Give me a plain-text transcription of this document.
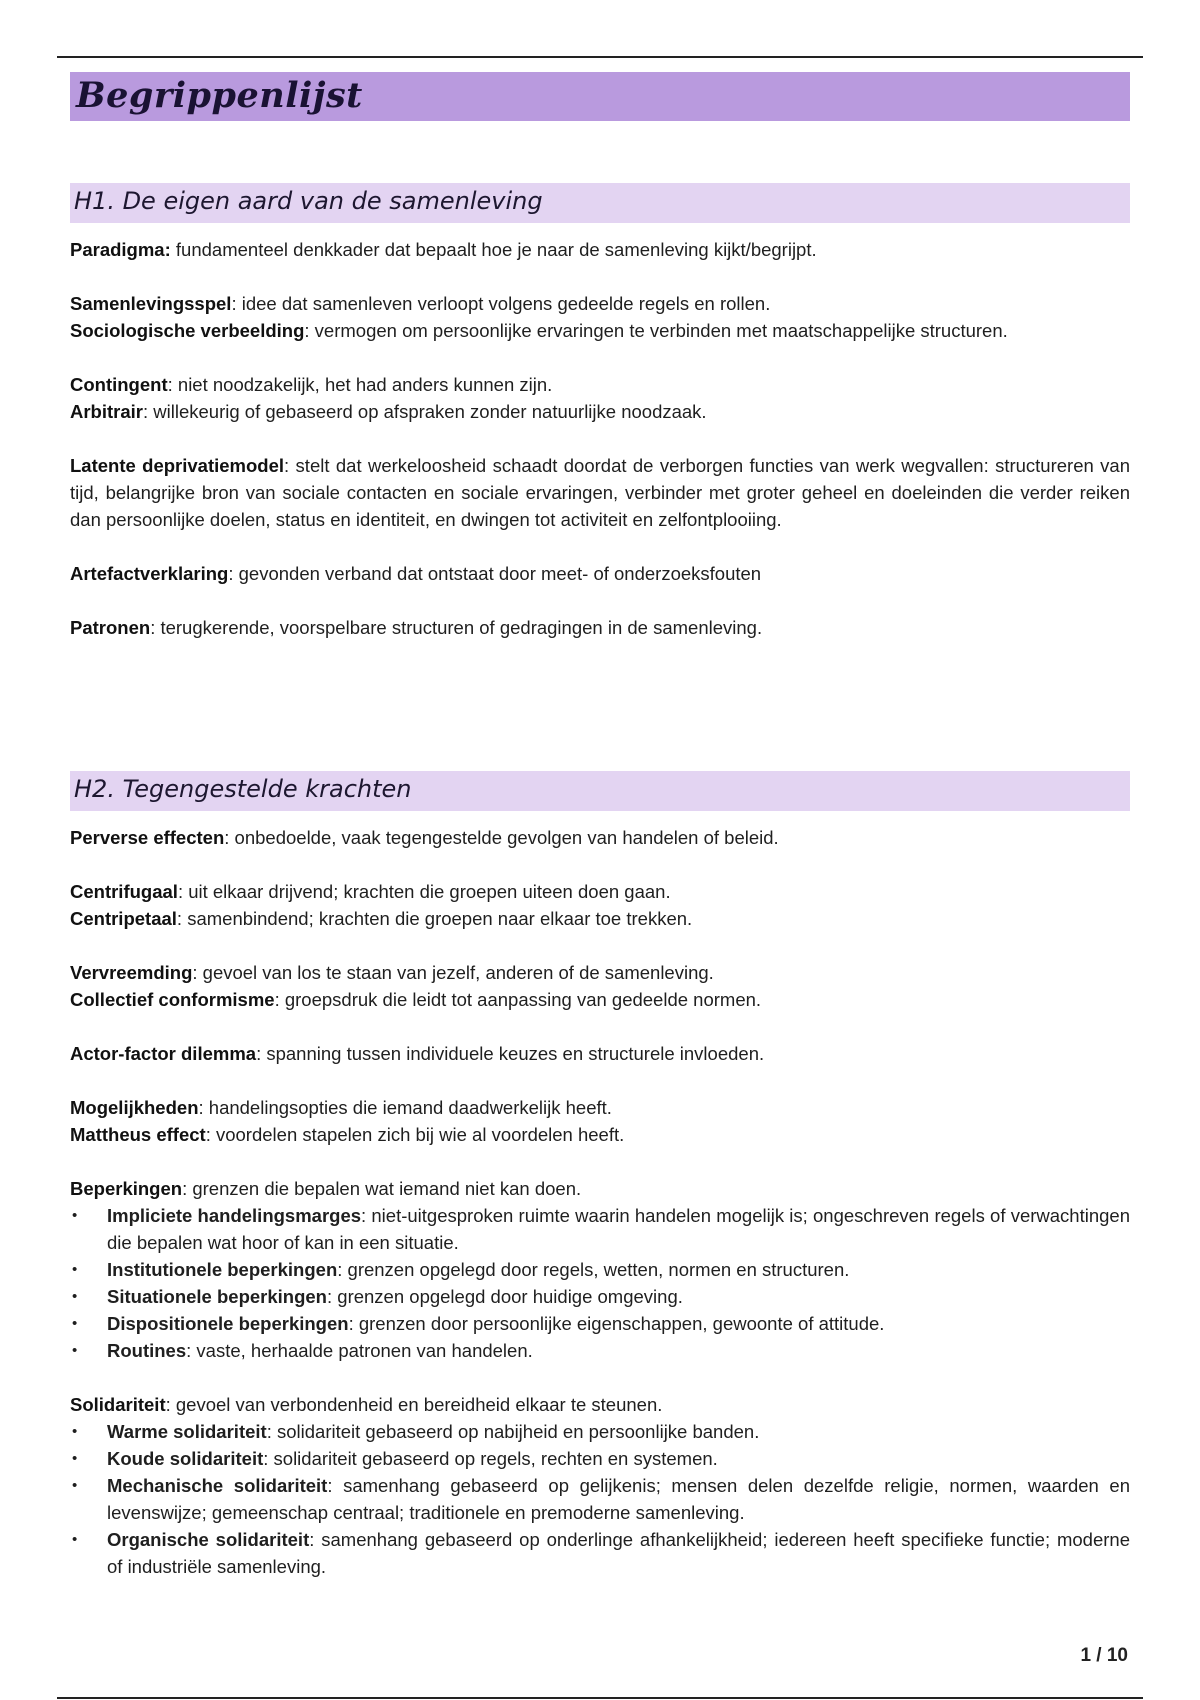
Begrippenlijst
H1. De eigen aard van de samenleving
Paradigma: fundamenteel denkkader dat bepaalt hoe je naar de samenleving kijkt/begrijpt.
Samenlevingsspel: idee dat samenleven verloopt volgens gedeelde regels en rollen.
Sociologische verbeelding: vermogen om persoonlijke ervaringen te verbinden met maatschappelijke structuren.
Contingent: niet noodzakelijk, het had anders kunnen zijn.
Arbitrair: willekeurig of gebaseerd op afspraken zonder natuurlijke noodzaak.
Latente deprivatiemodel: stelt dat werkeloosheid schaadt doordat de verborgen functies van werk wegvallen: structureren van tijd, belangrijke bron van sociale contacten en sociale ervaringen, verbinder met groter geheel en doeleinden die verder reiken dan persoonlijke doelen, status en identiteit, en dwingen tot activiteit en zelfontplooiing.
Artefactverklaring: gevonden verband dat ontstaat door meet- of onderzoeksfouten
Patronen: terugkerende, voorspelbare structuren of gedragingen in de samenleving.
H2. Tegengestelde krachten
Perverse effecten: onbedoelde, vaak tegengestelde gevolgen van handelen of beleid.
Centrifugaal: uit elkaar drijvend; krachten die groepen uiteen doen gaan.
Centripetaal: samenbindend; krachten die groepen naar elkaar toe trekken.
Vervreemding: gevoel van los te staan van jezelf, anderen of de samenleving.
Collectief conformisme: groepsdruk die leidt tot aanpassing van gedeelde normen.
Actor-factor dilemma: spanning tussen individuele keuzes en structurele invloeden.
Mogelijkheden: handelingsopties die iemand daadwerkelijk heeft.
Mattheus effect: voordelen stapelen zich bij wie al voordelen heeft.
Beperkingen: grenzen die bepalen wat iemand niet kan doen.
• Impliciete handelingsmarges: niet-uitgesproken ruimte waarin handelen mogelijk is; ongeschreven regels of verwachtingen die bepalen wat hoor of kan in een situatie.
• Institutionele beperkingen: grenzen opgelegd door regels, wetten, normen en structuren.
• Situationele beperkingen: grenzen opgelegd door huidige omgeving.
• Dispositionele beperkingen: grenzen door persoonlijke eigenschappen, gewoonte of attitude.
• Routines: vaste, herhaalde patronen van handelen.
Solidariteit: gevoel van verbondenheid en bereidheid elkaar te steunen.
• Warme solidariteit: solidariteit gebaseerd op nabijheid en persoonlijke banden.
• Koude solidariteit: solidariteit gebaseerd op regels, rechten en systemen.
• Mechanische solidariteit: samenhang gebaseerd op gelijkenis; mensen delen dezelfde religie, normen, waarden en levenswijze; gemeenschap centraal; traditionele en premoderne samenleving.
• Organische solidariteit: samenhang gebaseerd op onderlinge afhankelijkheid; iedereen heeft specifieke functie; moderne of industriële samenleving.
1 / 10
